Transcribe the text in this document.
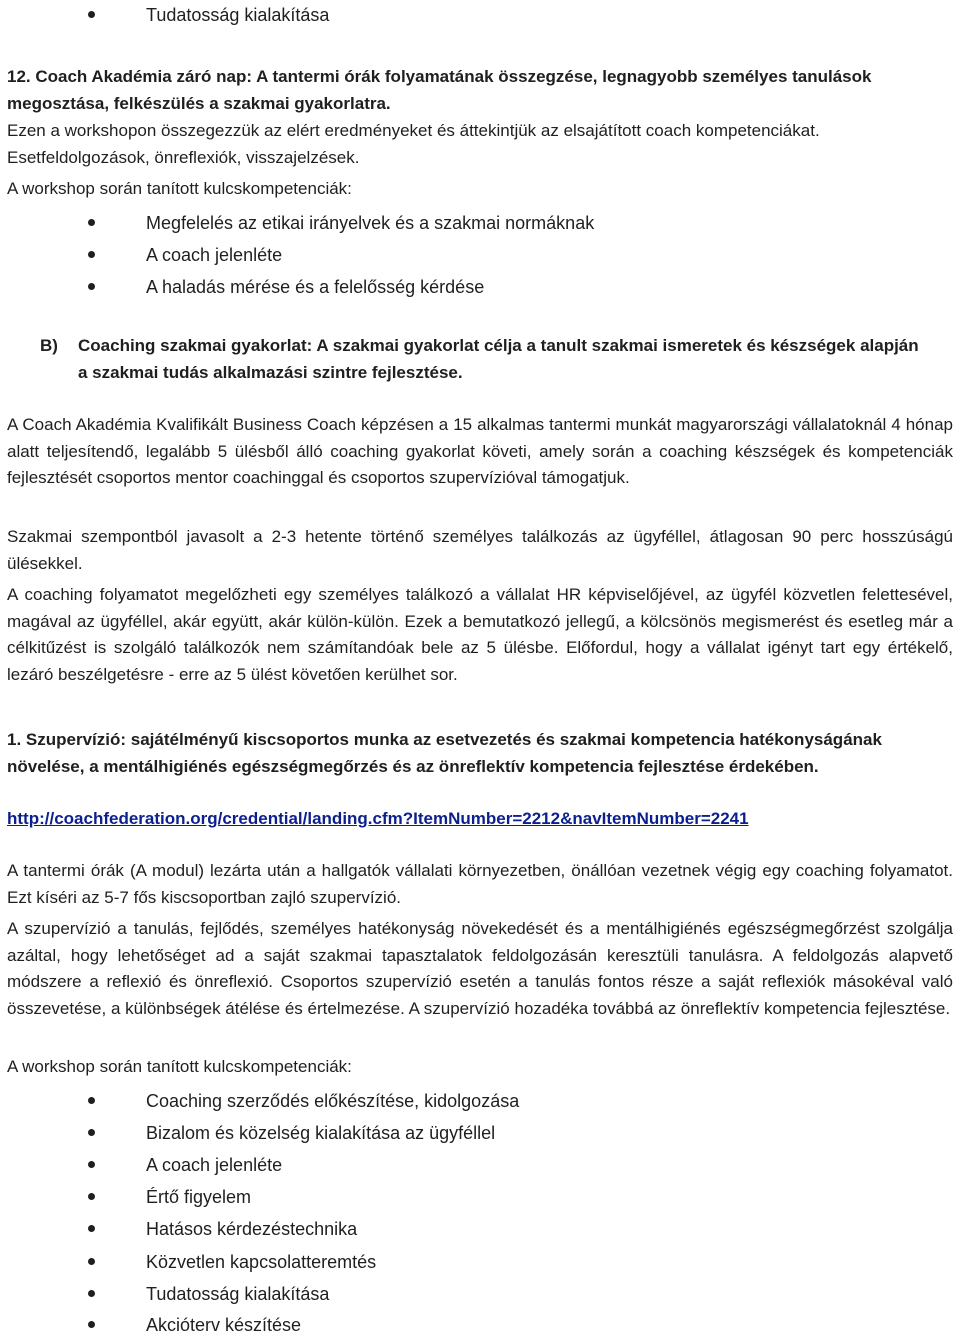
Tudatosság kialakítása
12. Coach Akadémia záró nap: A tantermi órák folyamatának összegzése, legnagyobb személyes tanulások megosztása, felkészülés a szakmai gyakorlatra.
Ezen a workshopon összegezzük az elért eredményeket és áttekintjük az elsajátított coach kompetenciákat. Esetfeldolgozások, önreflexiók, visszajelzések.
A workshop során tanított kulcskompetenciák:
Megfelelés az etikai irányelvek és a szakmai normáknak
A coach jelenléte
A haladás mérése és a felelősség kérdése
B) Coaching szakmai gyakorlat: A szakmai gyakorlat célja a tanult szakmai ismeretek és készségek alapján a szakmai tudás alkalmazási szintre fejlesztése.
A Coach Akadémia Kvalifikált Business Coach képzésen a 15 alkalmas tantermi munkát magyarországi vállalatoknál 4 hónap alatt teljesítendő, legalább 5 ülésből álló coaching gyakorlat követi, amely során a coaching készségek és kompetenciák fejlesztését csoportos mentor coachinggal és csoportos szupervízióval támogatjuk.
Szakmai szempontból javasolt a 2-3 hetente történő személyes találkozás az ügyféllel, átlagosan 90 perc hosszúságú ülésekkel.
A coaching folyamatot megelőzheti egy személyes találkozó a vállalat HR képviselőjével, az ügyfél közvetlen felettesével, magával az ügyféllel, akár együtt, akár külön-külön. Ezek a bemutatkozó jellegű, a kölcsönös megismerést és esetleg már a célkitűzést is szolgáló találkozók nem számítandóak bele az 5 ülésbe. Előfordul, hogy a vállalat igényt tart egy értékelő, lezáró beszélgetésre - erre az 5 ülést követően kerülhet sor.
1. Szupervízió: sajátélményű kiscsoportos munka az esetvezetés és szakmai kompetencia hatékonyságának növelése, a mentálhigiénés egészségmegőrzés és az önreflektív kompetencia fejlesztése érdekében.
http://coachfederation.org/credential/landing.cfm?ItemNumber=2212&navItemNumber=2241
A tantermi órák (A modul) lezárta után a hallgatók vállalati környezetben, önállóan vezetnek végig egy coaching folyamatot. Ezt kíséri az 5-7 fős kiscsoportban zajló szupervízió.
A szupervízió a tanulás, fejlődés, személyes hatékonyság növekedését és a mentálhigiénés egészségmegőrzést szolgálja azáltal, hogy lehetőséget ad a saját szakmai tapasztalatok feldolgozásán keresztüli tanulásra. A feldolgozás alapvető módszere a reflexió és önreflexió. Csoportos szupervízió esetén a tanulás fontos része a saját reflexiók másokéval való összevetése, a különbségek átélése és értelmezése. A szupervízió hozadéka továbbá az önreflektív kompetencia fejlesztése.
A workshop során tanított kulcskompetenciák:
Coaching szerződés előkészítése, kidolgozása
Bizalom és közelség kialakítása az ügyféllel
A coach jelenléte
Értő figyelem
Hatásos kérdezéstechnika
Közvetlen kapcsolatteremtés
Tudatosság kialakítása
Akcióterv készítése
